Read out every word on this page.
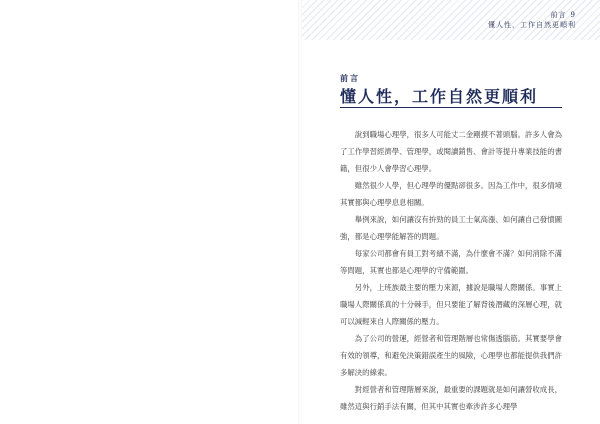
前言 9
懂人性，工作自然更順利
前言
懂人性，工作自然更順利

說到職場心理學，很多人可能丈二金剛摸不著頭腦。許多人會為了工作學習經濟學、管理學，或閱讀銷售、會計等提升專業技能的書籍，但很少人會學習心理學。

雖然很少人學，但心理學的優點卻很多。因為工作中，很多情境其實都與心理學息息相關。

舉例來說，如何讓沒有拚勁的員工士氣高漲、如何讓自己發憤圖強，都是心理學能解答的問題。

每家公司都會有員工對考績不滿，為什麼會不滿？如何消除不滿等問題，其實也都是心理學的守備範圍。

另外，上班族最主要的壓力來源，據說是職場人際關係。事實上職場人際關係真的十分棘手，但只要能了解背後潛藏的深層心理，就可以減輕來自人際關係的壓力。

為了公司的營運，經營者和管理階層也常傷透腦筋。其實要學會有效的領導，和避免決策錯誤產生的風險，心理學也都能提供我們許多解決的線索。

對經營者和管理階層來說，最重要的課題就是如何讓營收成長，雖然這與行銷手法有關，但其中其實也牽涉許多心理學
